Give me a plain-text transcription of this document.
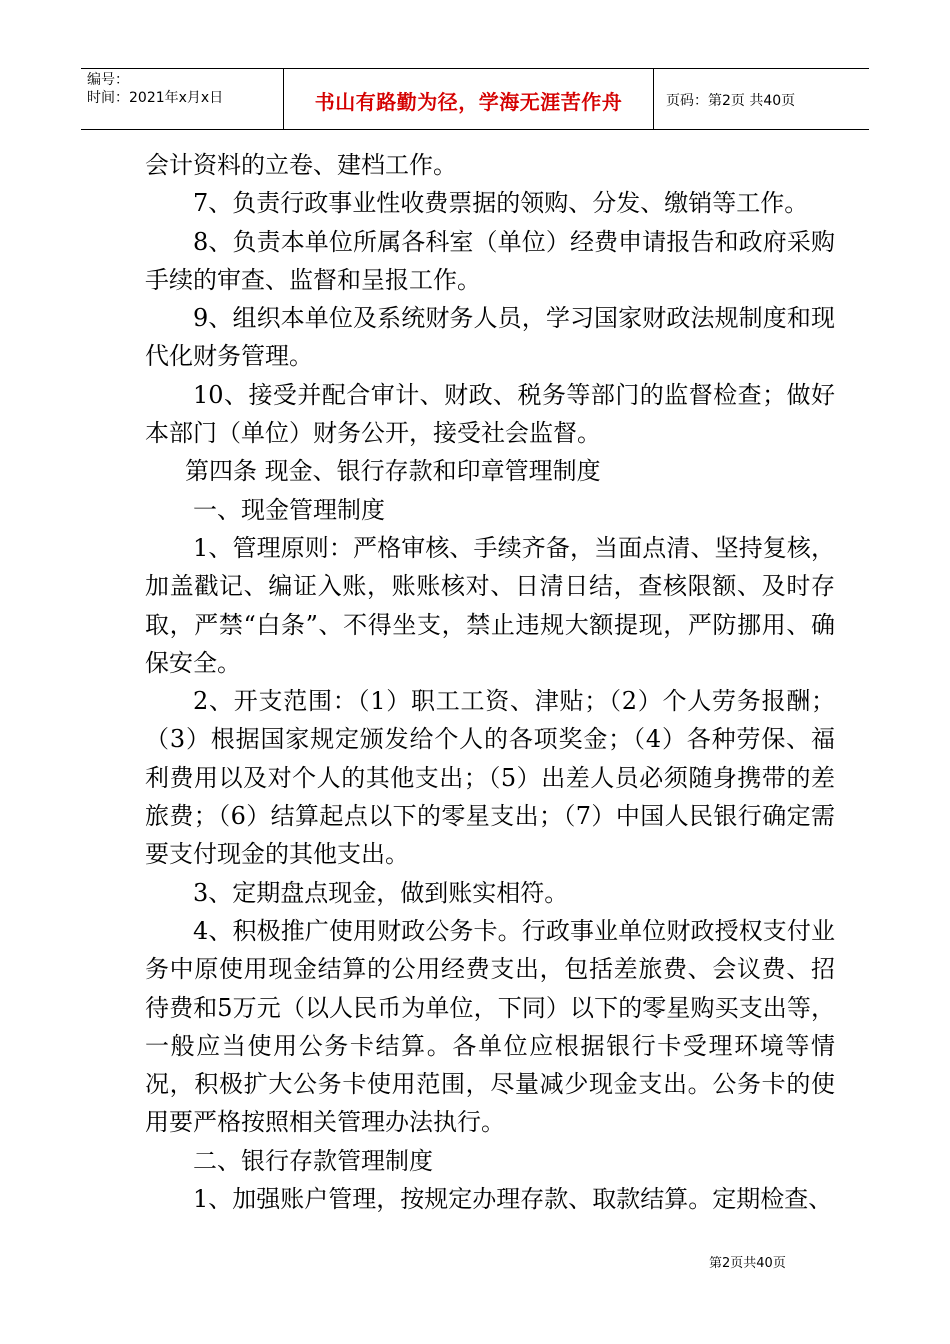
编号：
时间：2021年x月x日	书山有路勤为径，学海无涯苦作舟	页码：第2页 共40页

会计资料的立卷、建档工作。

7、负责行政事业性收费票据的领购、分发、缴销等工作。

8、负责本单位所属各科室（单位）经费申请报告和政府采购手续的审查、监督和呈报工作。

9、组织本单位及系统财务人员，学习国家财政法规制度和现代化财务管理。

10、接受并配合审计、财政、税务等部门的监督检查；做好本部门（单位）财务公开，接受社会监督。

第四条 现金、银行存款和印章管理制度

一、现金管理制度

1、管理原则：严格审核、手续齐备，当面点清、坚持复核，加盖戳记、编证入账，账账核对、日清日结，查核限额、及时存取，严禁“白条”、不得坐支，禁止违规大额提现，严防挪用、确保安全。

2、开支范围：（1）职工工资、津贴；（2）个人劳务报酬；（3）根据国家规定颁发给个人的各项奖金；（4）各种劳保、福利费用以及对个人的其他支出；（5）出差人员必须随身携带的差旅费；（6）结算起点以下的零星支出；（7）中国人民银行确定需要支付现金的其他支出。

3、定期盘点现金，做到账实相符。

4、积极推广使用财政公务卡。行政事业单位财政授权支付业务中原使用现金结算的公用经费支出，包括差旅费、会议费、招待费和5万元（以人民币为单位，下同）以下的零星购买支出等，一般应当使用公务卡结算。各单位应根据银行卡受理环境等情况，积极扩大公务卡使用范围，尽量减少现金支出。公务卡的使用要严格按照相关管理办法执行。

二、银行存款管理制度

1、加强账户管理，按规定办理存款、取款结算。定期检查、

第2页共40页
